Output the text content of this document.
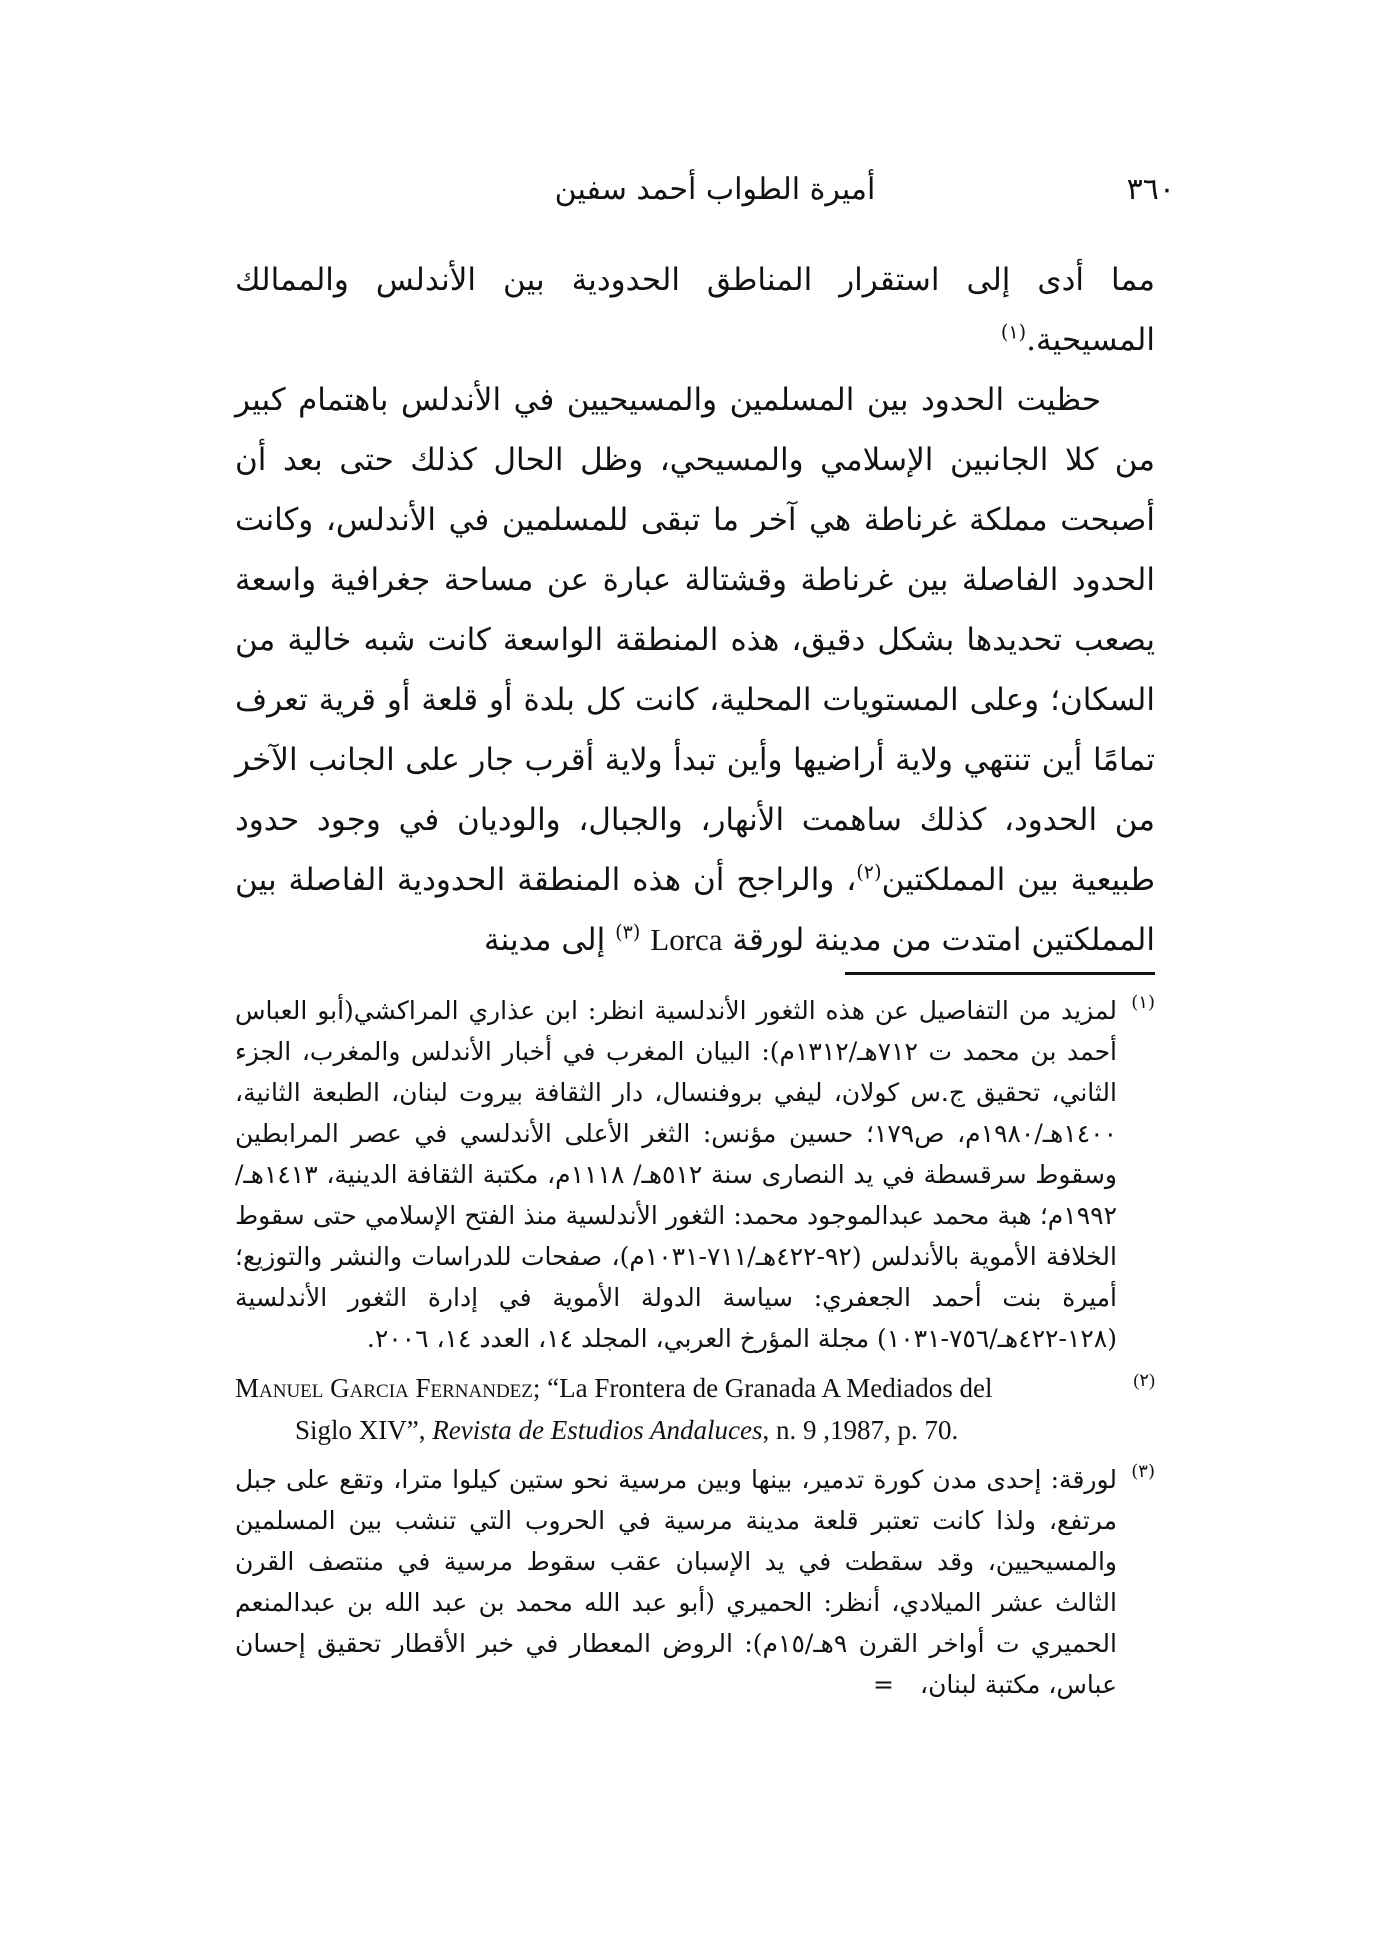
٣٦٠
أميرة الطواب أحمد سفين

مما أدى إلى استقرار المناطق الحدودية بين الأندلس والممالك المسيحية.$^{(١)}$

حظيت الحدود بين المسلمين والمسيحيين في الأندلس باهتمام كبير من كلا الجانبين الإسلامي والمسيحي، وظل الحال كذلك حتى بعد أن أصبحت مملكة غرناطة هي آخر ما تبقى للمسلمين في الأندلس، وكانت الحدود الفاصلة بين غرناطة وقشتالة عبارة عن مساحة جغرافية واسعة يصعب تحديدها بشكل دقيق، هذه المنطقة الواسعة كانت شبه خالية من السكان؛ وعلى المستويات المحلية، كانت كل بلدة أو قلعة أو قرية تعرف تمامًا أين تنتهي ولاية أراضيها وأين تبدأ ولاية أقرب جار على الجانب الآخر من الحدود، كذلك ساهمت الأنهار، والجبال، والوديان في وجود حدود طبيعية بين المملكتين$^{(٢)}$، والراجح أن هذه المنطقة الحدودية الفاصلة بين المملكتين امتدت من مدينة لورقة Lorca $^{(٣)}$ إلى مدينة

(١)
لمزيد من التفاصيل عن هذه الثغور الأندلسية انظر: ابن عذاري المراكشي(أبو العباس أحمد بن محمد ت ٧١٢هـ/١٣١٢م): البيان المغرب في أخبار الأندلس والمغرب، الجزء الثاني، تحقيق ج.س كولان، ليفي بروفنسال، دار الثقافة بيروت لبنان، الطبعة الثانية، ١٤٠٠هـ/١٩٨٠م، ص١٧٩؛ حسين مؤنس: الثغر الأعلى الأندلسي في عصر المرابطين وسقوط سرقسطة في يد النصارى سنة ٥١٢هـ/ ١١١٨م، مكتبة الثقافة الدينية، ١٤١٣هـ/١٩٩٢م؛ هبة محمد عبدالموجود محمد: الثغور الأندلسية منذ الفتح الإسلامي حتى سقوط الخلافة الأموية بالأندلس (٩٢-٤٢٢هـ/٧١١-١٠٣١م)، صفحات للدراسات والنشر والتوزيع؛ أميرة بنت أحمد الجعفري: سياسة الدولة الأموية في إدارة الثغور الأندلسية (١٢٨-٤٢٢هـ/٧٥٦-١٠٣١) مجلة المؤرخ العربي، المجلد ١٤، العدد ١٤، ٢٠٠٦.
(٢)
Manuel Garcia Fernandez; “La Frontera de Granada A Mediados del
Siglo XIV”, Revista de Estudios Andaluces, n. 9 ,1987, p. 70.
(٣)
لورقة: إحدى مدن كورة تدمير، بينها وبين مرسية نحو ستين كيلوا مترا، وتقع على جبل مرتفع، ولذا كانت تعتبر قلعة مدينة مرسية في الحروب التي تنشب بين المسلمين والمسيحيين، وقد سقطت في يد الإسبان عقب سقوط مرسية في منتصف القرن الثالث عشر الميلادي، أنظر: الحميري (أبو عبد الله محمد بن عبد الله بن عبدالمنعم الحميري ت أواخر القرن ٩هـ/١٥م): الروض المعطار في خبر الأقطار تحقيق إحسان عباس، مكتبة لبنان،=
